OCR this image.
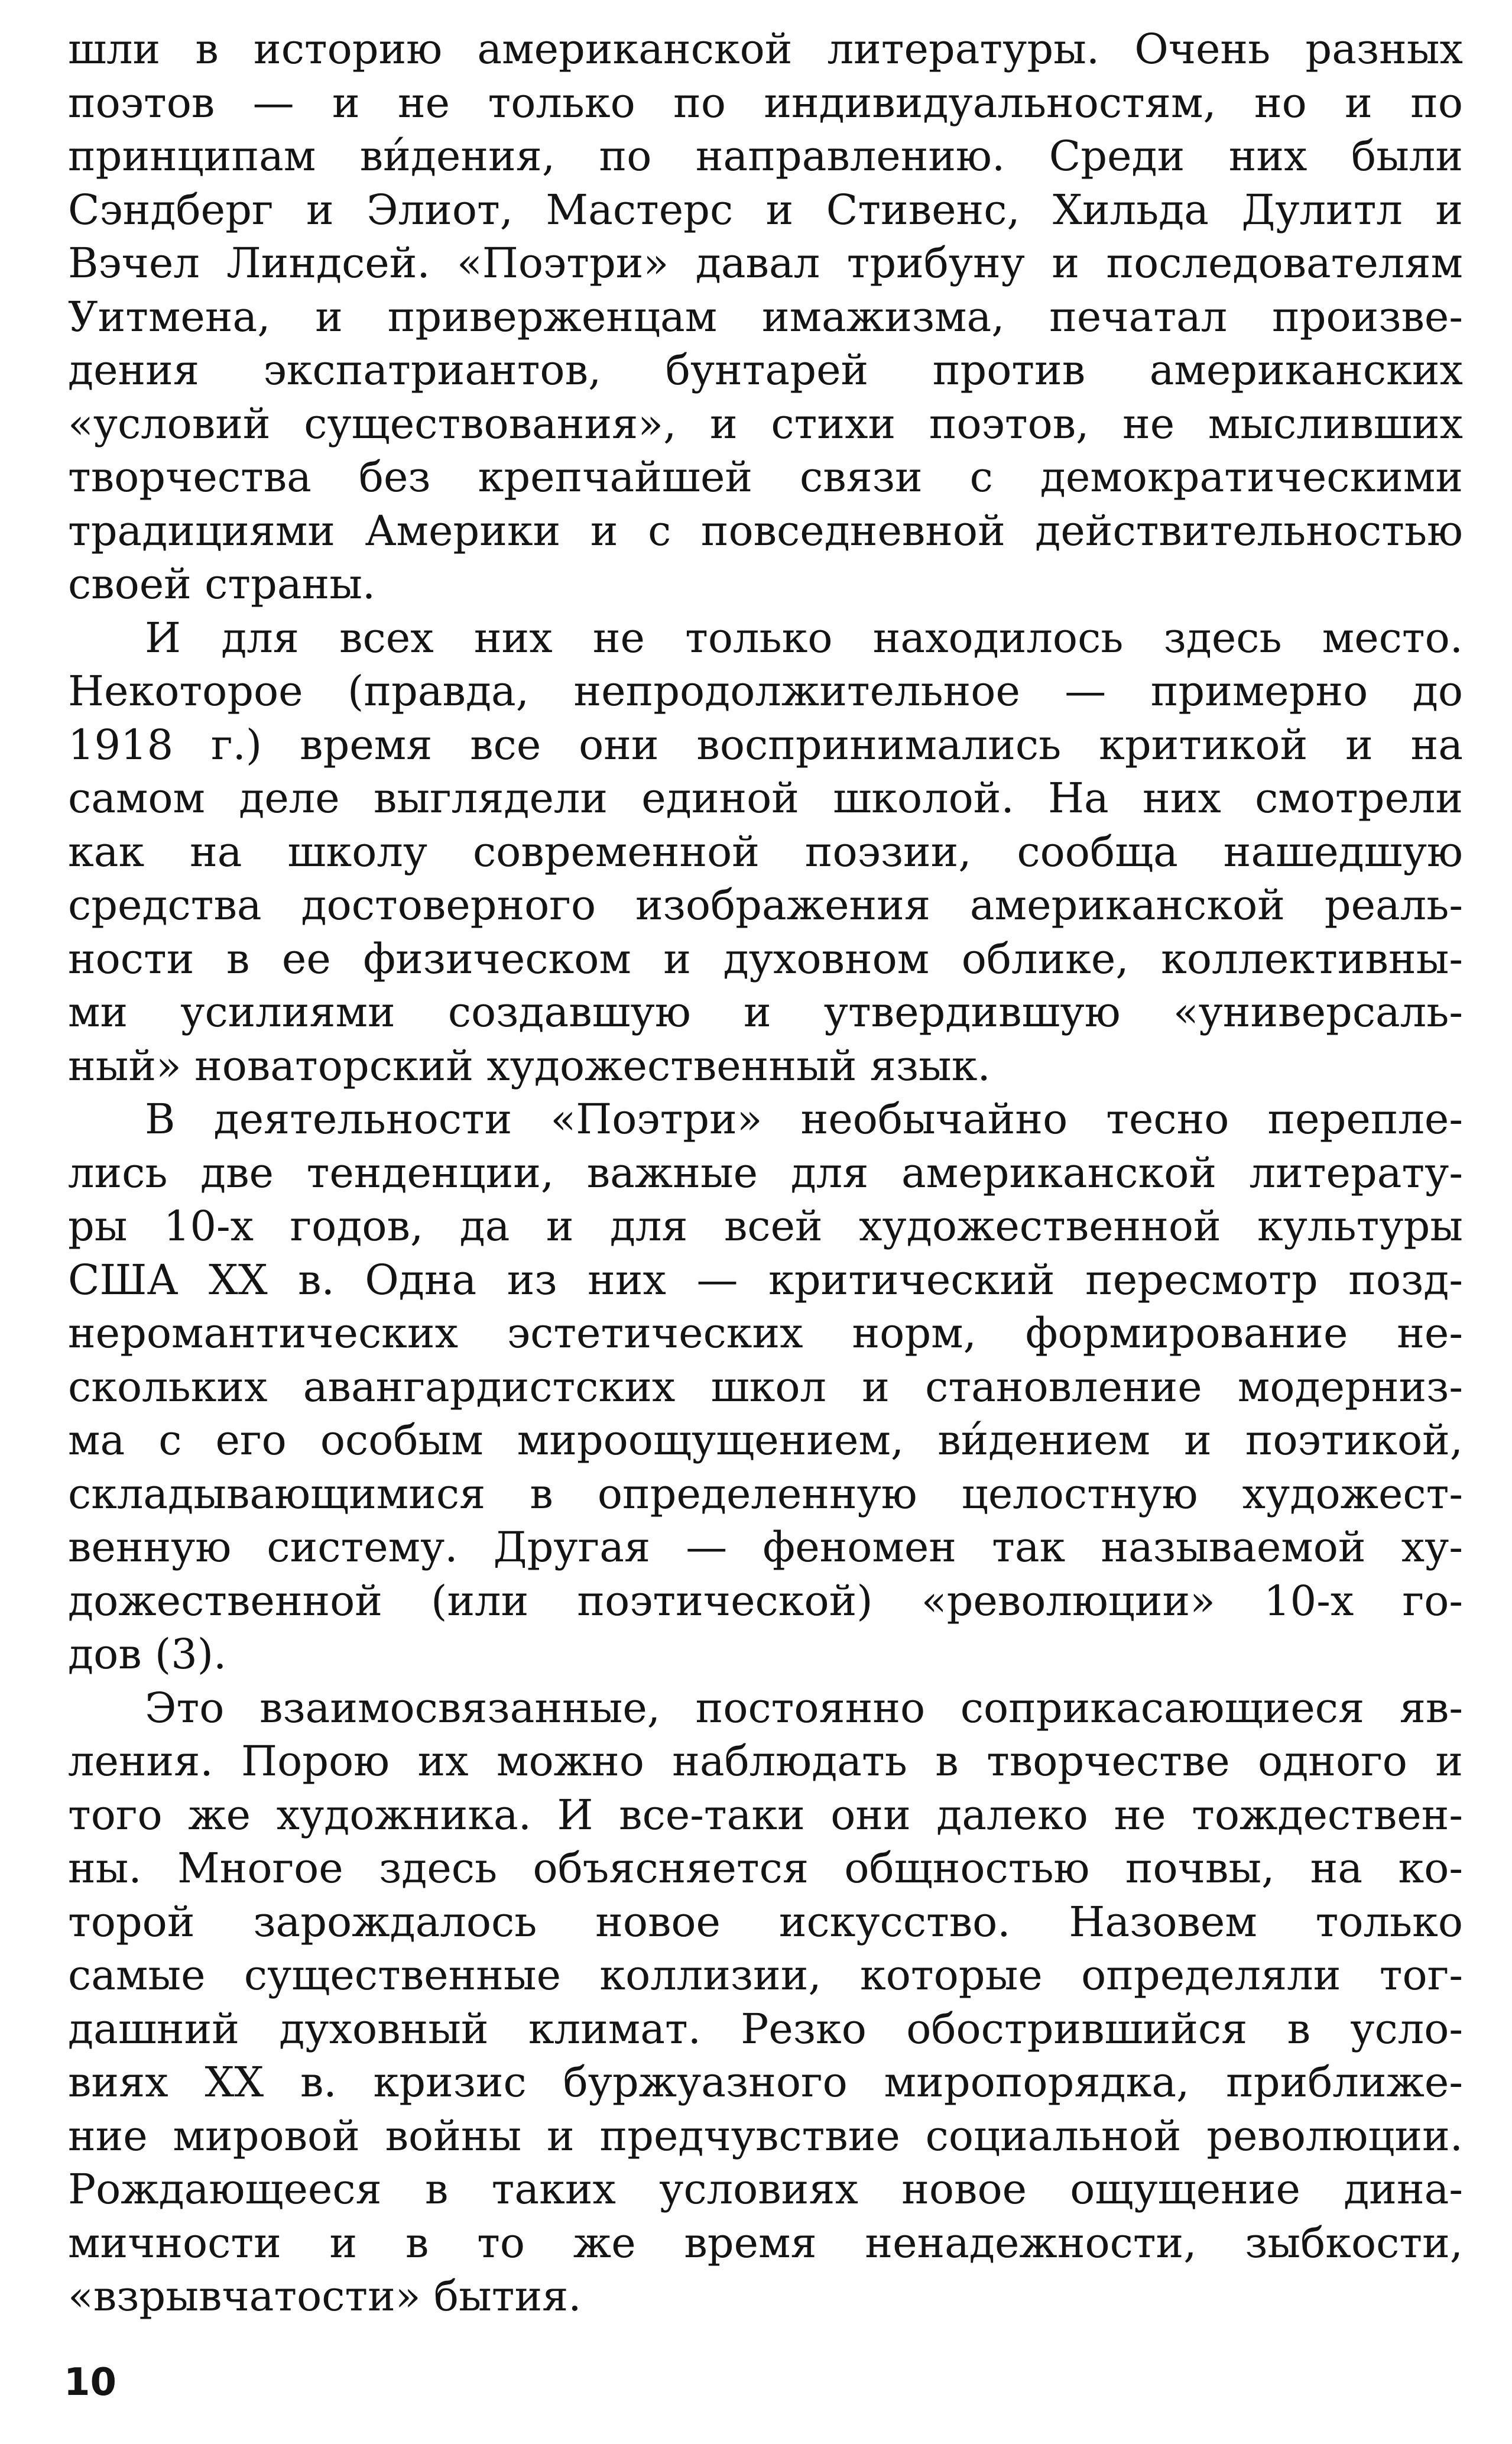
шли в историю американской литературы. Очень разных
поэтов — и не только по индивидуальностям, но и по
принципам ви́дения, по направлению. Среди них были
Сэндберг и Элиот, Мастерс и Стивенс, Хильда Дулитл и
Вэчел Линдсей. «Поэтри» давал трибуну и последователям
Уитмена, и приверженцам имажизма, печатал произве-
дения экспатриантов, бунтарей против американских
«условий существования», и стихи поэтов, не мысливших
творчества без крепчайшей связи с демократическими
традициями Америки и с повседневной действительностью
своей страны.
И для всех них не только находилось здесь место.
Некоторое (правда, непродолжительное — примерно до
1918 г.) время все они воспринимались критикой и на
самом деле выглядели единой школой. На них смотрели
как на школу современной поэзии, сообща нашедшую
средства достоверного изображения американской реаль-
ности в ее физическом и духовном облике, коллективны-
ми усилиями создавшую и утвердившую «универсаль-
ный» новаторский художественный язык.
В деятельности «Поэтри» необычайно тесно перепле-
лись две тенденции, важные для американской литерату-
ры 10-х годов, да и для всей художественной культуры
США XX в. Одна из них — критический пересмотр позд-
неромантических эстетических норм, формирование не-
скольких авангардистских школ и становление модерниз-
ма с его особым мироощущением, ви́дением и поэтикой,
складывающимися в определенную целостную художест-
венную систему. Другая — феномен так называемой ху-
дожественной (или поэтической) «революции» 10-х го-
дов (3).
Это взаимосвязанные, постоянно соприкасающиеся яв-
ления. Порою их можно наблюдать в творчестве одного и
того же художника. И все-таки они далеко не тождествен-
ны. Многое здесь объясняется общностью почвы, на ко-
торой зарождалось новое искусство. Назовем только
самые существенные коллизии, которые определяли тог-
дашний духовный климат. Резко обострившийся в усло-
виях XX в. кризис буржуазного миропорядка, приближе-
ние мировой войны и предчувствие социальной революции.
Рождающееся в таких условиях новое ощущение дина-
мичности и в то же время ненадежности, зыбкости,
«взрывчатости» бытия.
10
